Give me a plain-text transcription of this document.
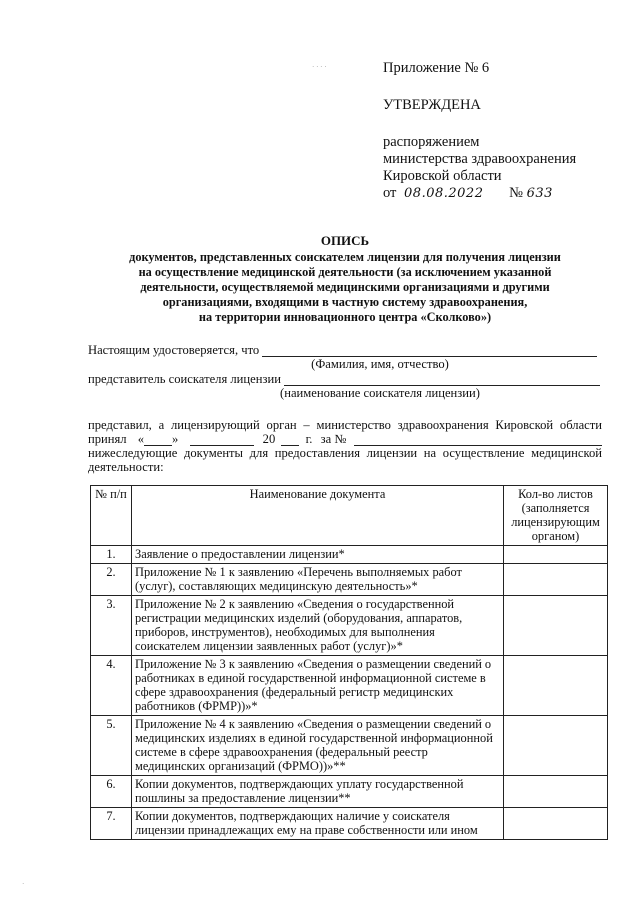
· · · ·
·
Приложение № 6
УТВЕРЖДЕНА
распоряжением
министерства здравоохранения
Кировской области
от 08.08.2022 № 633
ОПИСЬ
документов, представленных соискателем лицензии для получения лицензии
на осуществление медицинской деятельности (за исключением указанной
деятельности, осуществляемой медицинскими организациями и другими
организациями, входящими в частную систему здравоохранения,
на территории инновационного центра «Сколково»)
Настоящим удостоверяется, что
(Фамилия, имя, отчество)
представитель соискателя лицензии
(наименование соискателя лицензии)
представил, а лицензирующий орган – министерство здравоохранения Кировской области
принял « »	20 г. за №
нижеследующие документы для предоставления лицензии на осуществление медицинской деятельности:
№ п/п	Наименование документа	Кол-во листов (заполняется лицензирующим органом)
1.	Заявление о предоставлении лицензии*	
2.	Приложение № 1 к заявлению «Перечень выполняемых работ (услуг), составляющих медицинскую деятельность»*	
3.	Приложение № 2 к заявлению «Сведения о государственной регистрации медицинских изделий (оборудования, аппаратов, приборов, инструментов), необходимых для выполнения соискателем лицензии заявленных работ (услуг)»*	
4.	Приложение № 3 к заявлению «Сведения о размещении сведений о работниках в единой государственной информационной системе в сфере здравоохранения (федеральный регистр медицинских работников (ФРМР))»*	
5.	Приложение № 4 к заявлению «Сведения о размещении сведений о медицинских изделиях в единой государственной информационной системе в сфере здравоохранения (федеральный реестр медицинских организаций (ФРМО))»**	
6.	Копии документов, подтверждающих уплату государственной пошлины за предоставление лицензии**	
7.	Копии документов, подтверждающих наличие у соискателя лицензии принадлежащих ему на праве собственности или ином	
